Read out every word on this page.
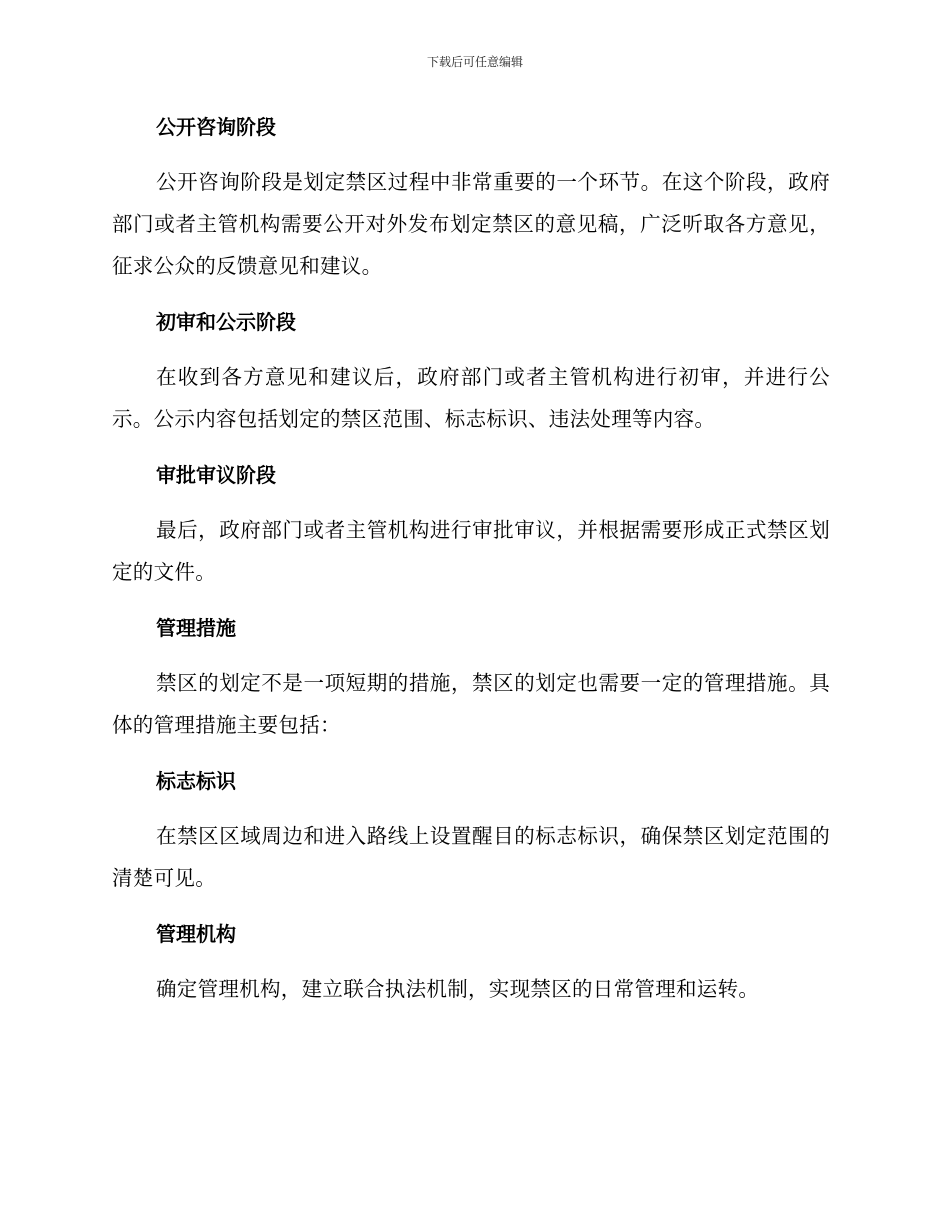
下载后可任意编辑
公开咨询阶段
公开咨询阶段是划定禁区过程中非常重要的一个环节。在这个阶段，政府部门或者主管机构需要公开对外发布划定禁区的意见稿，广泛听取各方意见，征求公众的反馈意见和建议。
初审和公示阶段
在收到各方意见和建议后，政府部门或者主管机构进行初审，并进行公示。公示内容包括划定的禁区范围、标志标识、违法处理等内容。
审批审议阶段
最后，政府部门或者主管机构进行审批审议，并根据需要形成正式禁区划定的文件。
管理措施
禁区的划定不是一项短期的措施，禁区的划定也需要一定的管理措施。具体的管理措施主要包括：
标志标识
在禁区区域周边和进入路线上设置醒目的标志标识，确保禁区划定范围的清楚可见。
管理机构
确定管理机构，建立联合执法机制，实现禁区的日常管理和运转。
